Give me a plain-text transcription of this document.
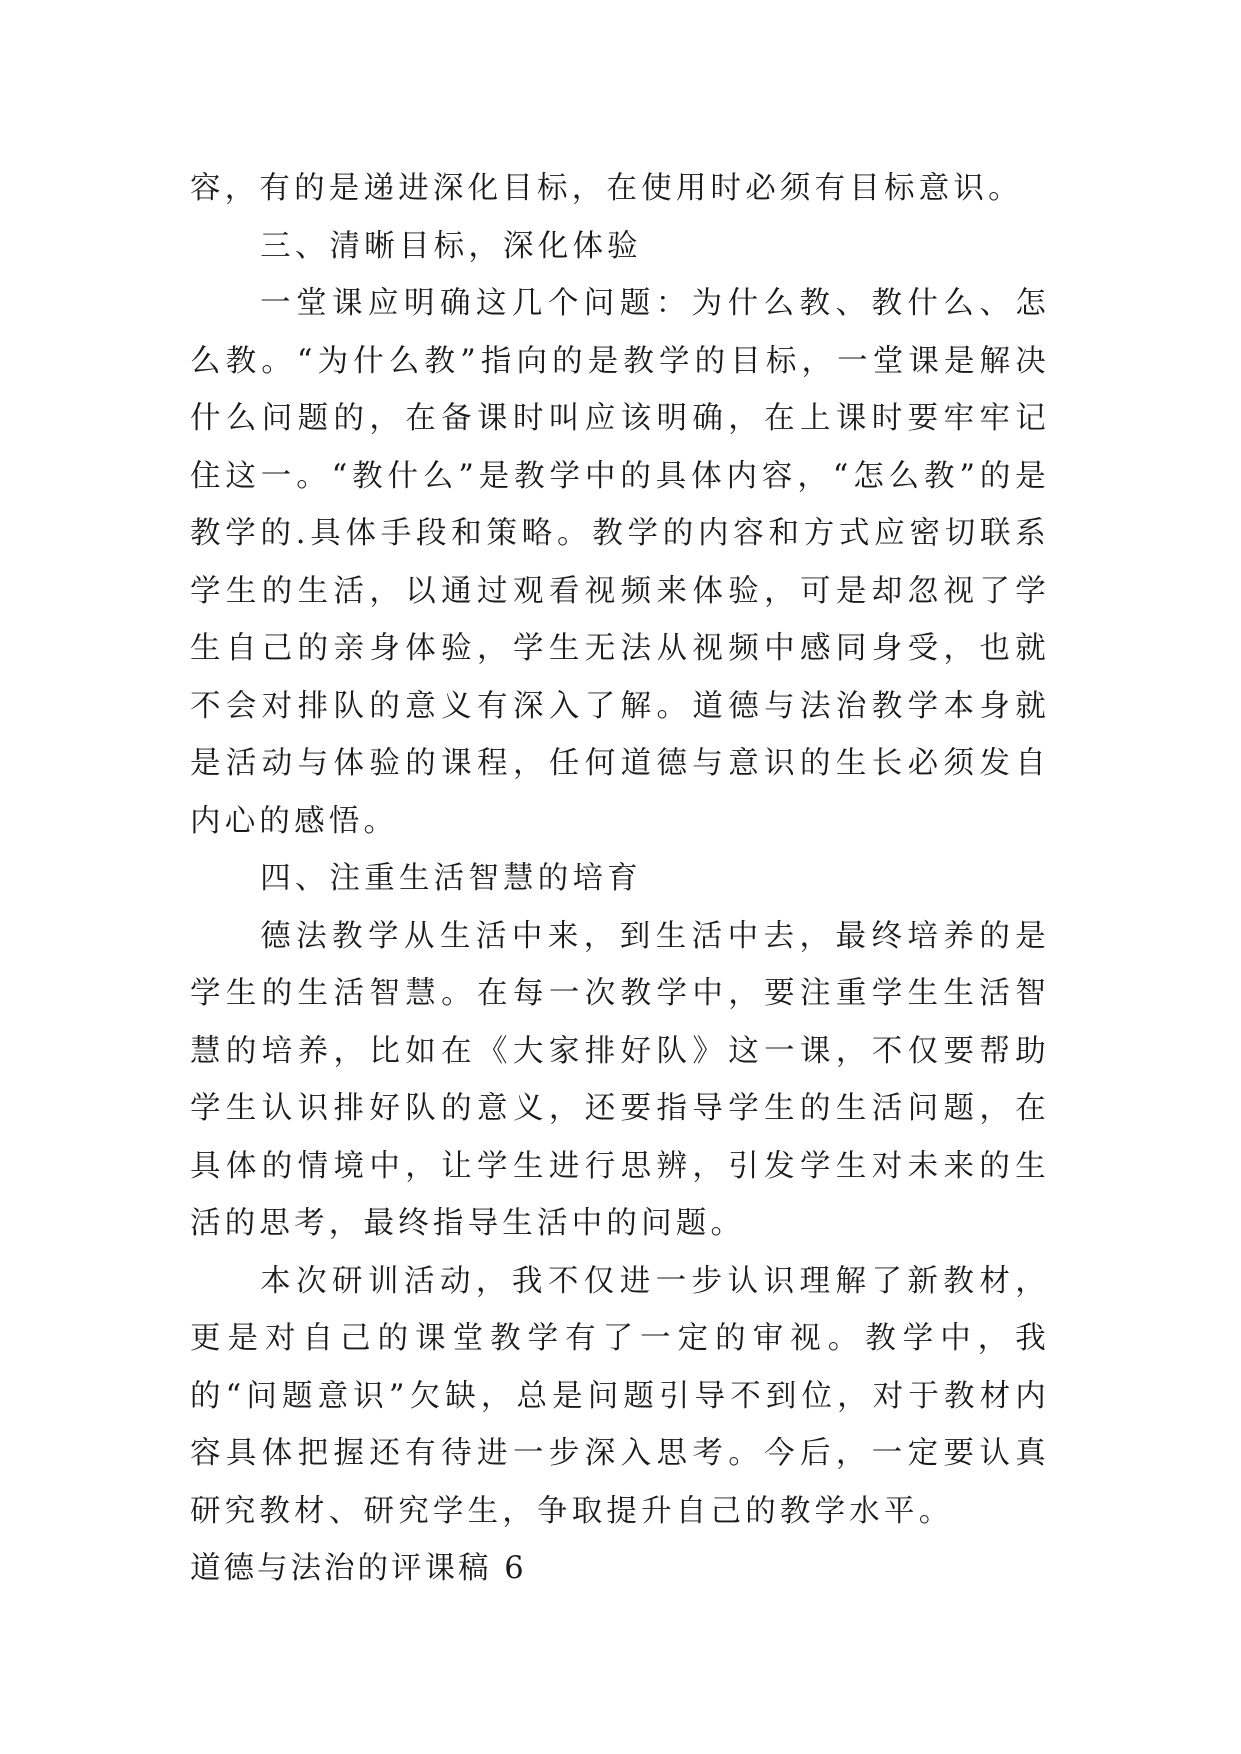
容，有的是递进深化目标，在使用时必须有目标意识。

三、清晰目标，深化体验

一堂课应明确这几个问题：为什么教、教什么、怎么教。“为什么教”指向的是教学的目标，一堂课是解决什么问题的，在备课时叫应该明确，在上课时要牢牢记住这一。“教什么”是教学中的具体内容，“怎么教”的是教学的.具体手段和策略。教学的内容和方式应密切联系学生的生活，以通过观看视频来体验，可是却忽视了学生自己的亲身体验，学生无法从视频中感同身受，也就不会对排队的意义有深入了解。道德与法治教学本身就是活动与体验的课程，任何道德与意识的生长必须发自内心的感悟。

四、注重生活智慧的培育

德法教学从生活中来，到生活中去，最终培养的是学生的生活智慧。在每一次教学中，要注重学生生活智慧的培养，比如在《大家排好队》这一课，不仅要帮助学生认识排好队的意义，还要指导学生的生活问题，在具体的情境中，让学生进行思辨，引发学生对未来的生活的思考，最终指导生活中的问题。

本次研训活动，我不仅进一步认识理解了新教材，更是对自己的课堂教学有了一定的审视。教学中，我的“问题意识”欠缺，总是问题引导不到位，对于教材内容具体把握还有待进一步深入思考。今后，一定要认真研究教材、研究学生，争取提升自己的教学水平。

道德与法治的评课稿 6
